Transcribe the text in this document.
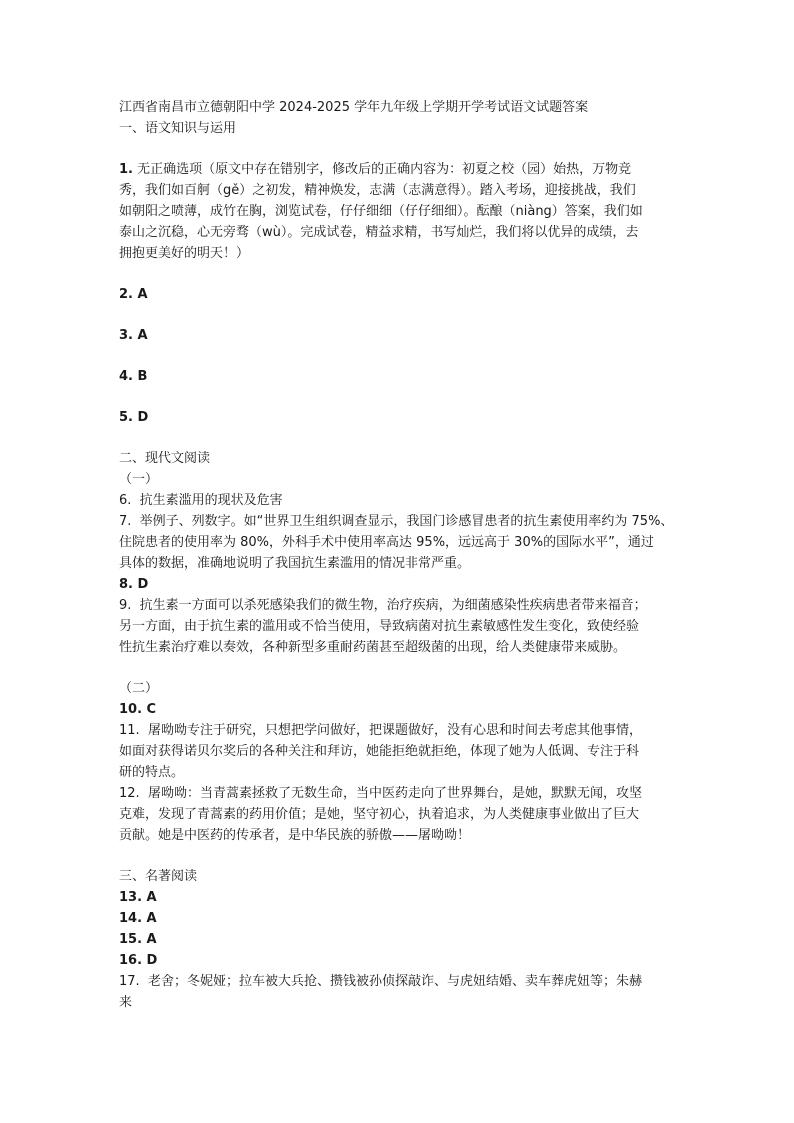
江西省南昌市立德朝阳中学 2024-2025 学年九年级上学期开学考试语文试题答案

一、语文知识与运用

1. 无正确选项（原文中存在错别字，修改后的正确内容为：初夏之校（园）始热，万物竞

秀，我们如百舸（gě）之初发，精神焕发，志满（志满意得）。踏入考场，迎接挑战，我们

如朝阳之喷薄，成竹在胸，浏览试卷，仔仔细细（仔仔细细）。酝酿（niàng）答案，我们如

泰山之沉稳，心无旁骛（wù）。完成试卷，精益求精，书写灿烂，我们将以优异的成绩，去

拥抱更美好的明天！）

2. A

3. A

4. B

5. D

二、现代文阅读

（一）

6.  抗生素滥用的现状及危害

7.  举例子、列数字。如“世界卫生组织调查显示，我国门诊感冒患者的抗生素使用率约为 75%、

住院患者的使用率为 80%，外科手术中使用率高达 95%，远远高于 30%的国际水平”，通过

具体的数据，准确地说明了我国抗生素滥用的情况非常严重。

8. D

9.  抗生素一方面可以杀死感染我们的微生物，治疗疾病，为细菌感染性疾病患者带来福音；

另一方面，由于抗生素的滥用或不恰当使用，导致病菌对抗生素敏感性发生变化，致使经验

性抗生素治疗难以奏效，各种新型多重耐药菌甚至超级菌的出现，给人类健康带来威胁。

（二）

10. C

11.  屠呦呦专注于研究，只想把学问做好，把课题做好，没有心思和时间去考虑其他事情，

如面对获得诺贝尔奖后的各种关注和拜访，她能拒绝就拒绝，体现了她为人低调、专注于科

研的特点。

12.  屠呦呦：当青蒿素拯救了无数生命，当中医药走向了世界舞台，是她，默默无闻，攻坚

克难，发现了青蒿素的药用价值；是她，坚守初心，执着追求，为人类健康事业做出了巨大

贡献。她是中医药的传承者，是中华民族的骄傲——屠呦呦！

三、名著阅读

13. A

14. A

15. A

16. D

17.  老舍；冬妮娅；拉车被大兵抢、攒钱被孙侦探敲诈、与虎妞结婚、卖车葬虎妞等；朱赫

来
